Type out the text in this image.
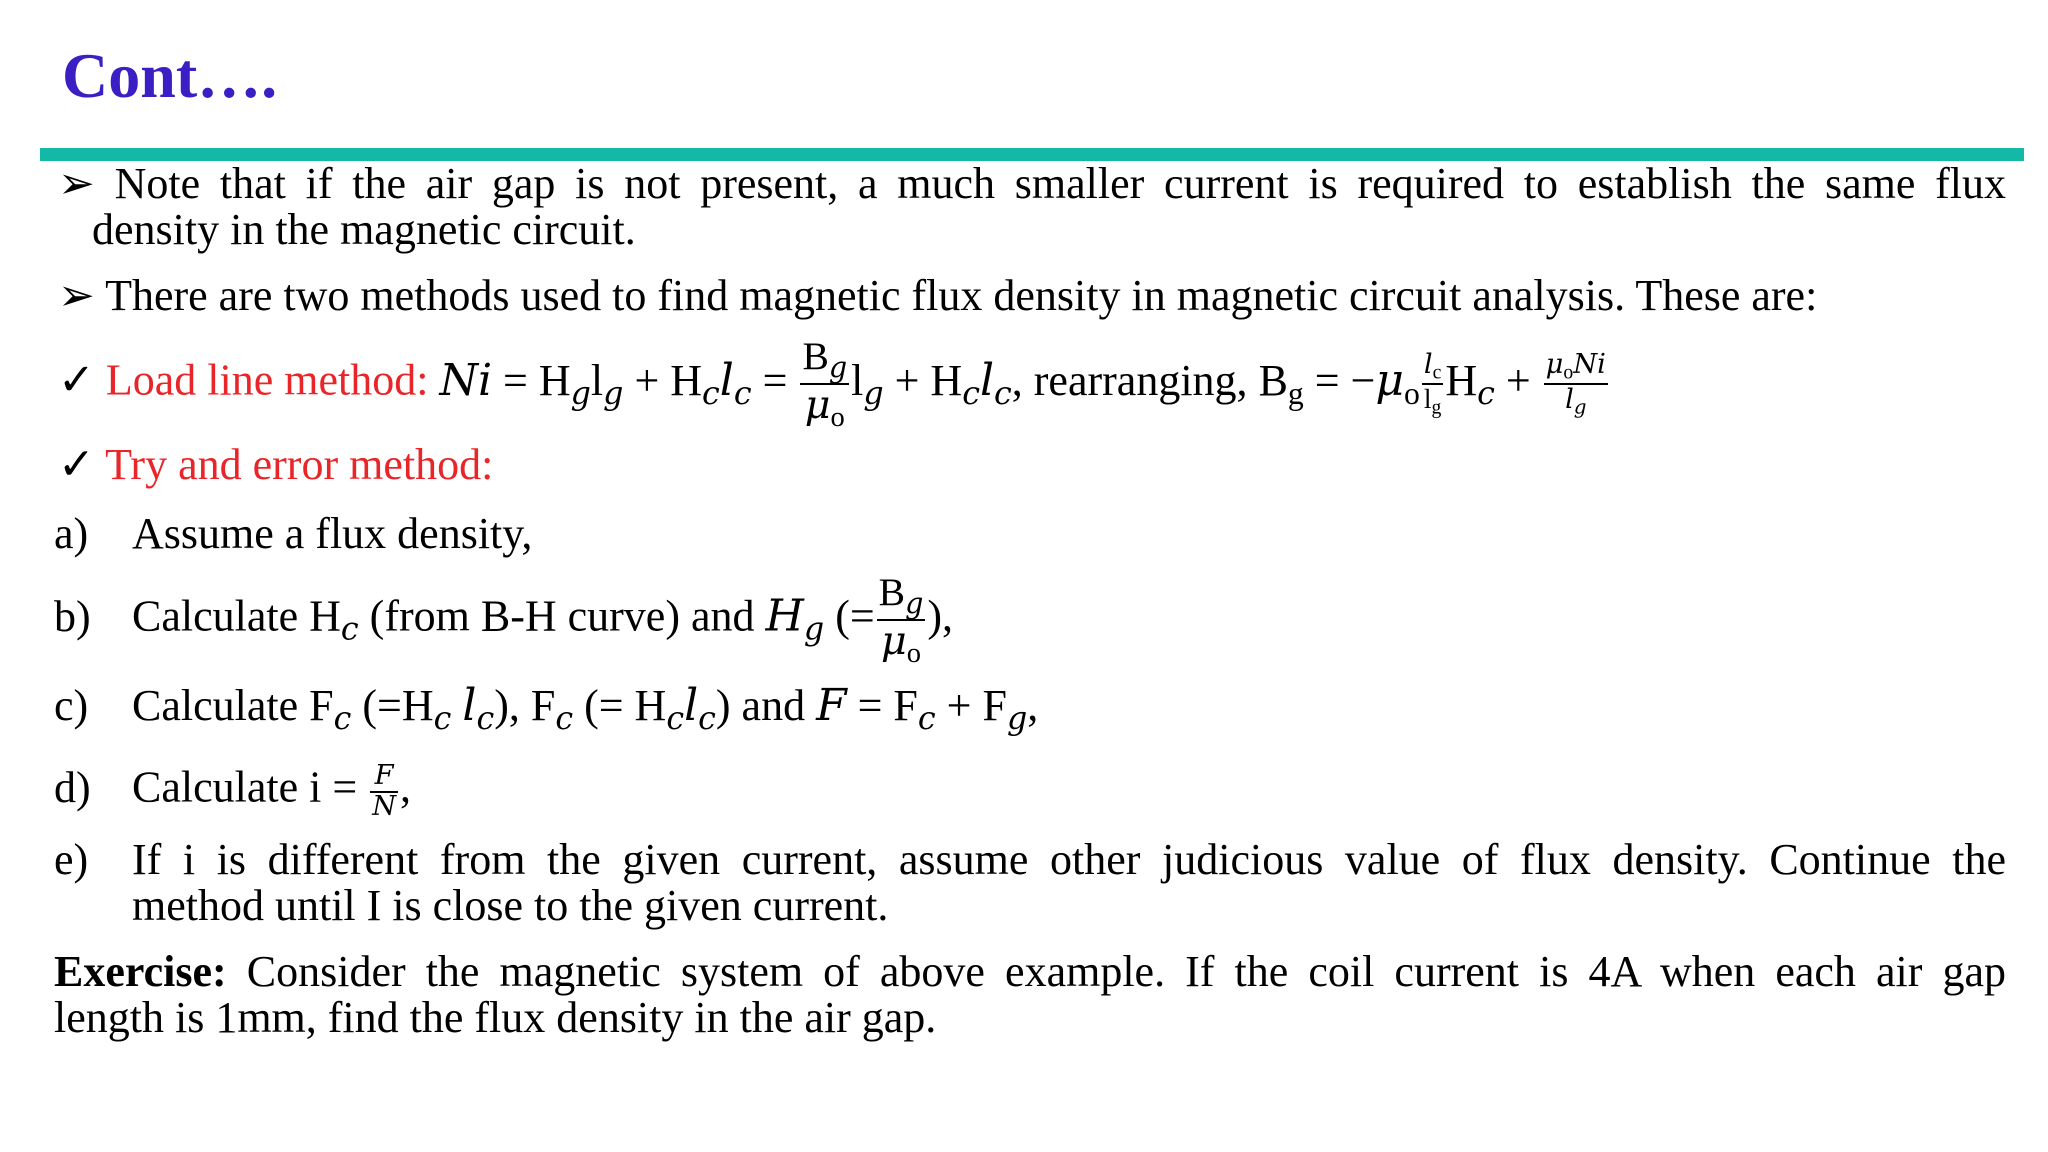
Cont….
➢ Note that if the air gap is not present, a much smaller current is required to establish the same flux
density in the magnetic circuit.
➢ There are two methods used to find magnetic flux density in magnetic circuit analysis. These are:
✓ Load line method: $Ni = H_gl_g + H_cl_c = \frac{B_g}{\mu_o} l_g + H_cl_c$, rearranging, $B_g = -\mu_o \frac{l_c}{l_g} H_c + \frac{\mu_oNi}{l_g}$
✓ Try and error method:
a) Assume a flux density,
b) Calculate $H_c$ (from B-H curve) and $H_g$ (= $\frac{B_g}{\mu_o}$ ),
c) Calculate $F_c$ ($=H_c$ $l_c$), $F_c$ (= $H_cl_c$) and $F = F_c + F_g$,
d) Calculate $i = \frac{F}{N}$ ,
e) If i is different from the given current, assume other judicious value of flux density. Continue the
method until I is close to the given current.
Exercise: Consider the magnetic system of above example. If the coil current is 4A when each air gap
length is 1mm, find the flux density in the air gap.
